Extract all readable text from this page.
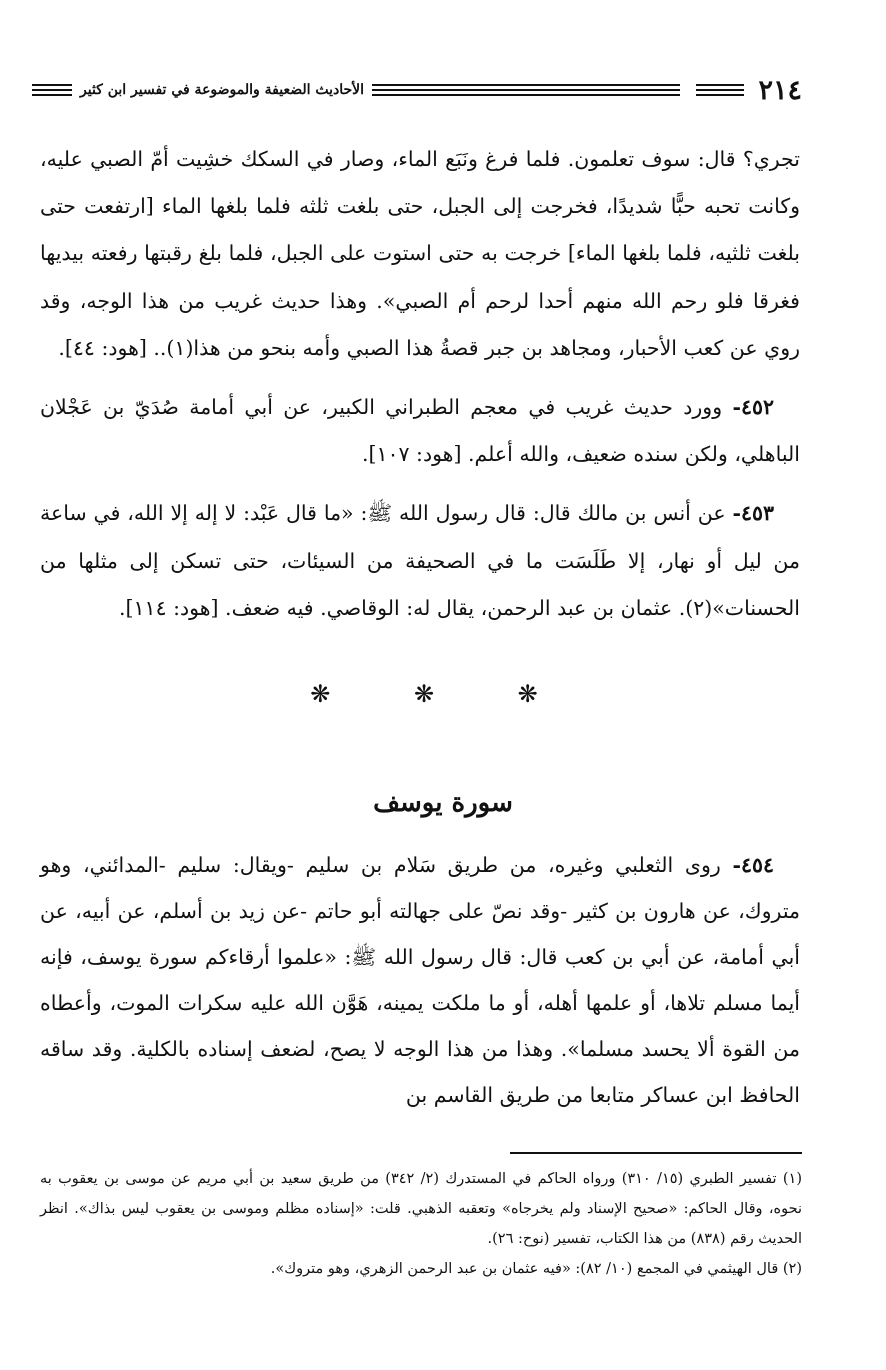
٢١٤
الأحاديث الضعيفة والموضوعة في تفسير ابن كثير

تجري؟ قال: سوف تعلمون. فلما فرغ ونَبَع الماء، وصار في السكك خشِيت أمّ الصبي عليه، وكانت تحبه حبًّا شديدًا، فخرجت إلى الجبل، حتى بلغت ثلثه فلما بلغها الماء [ارتفعت حتى بلغت ثلثيه، فلما بلغها الماء] خرجت به حتى استوت على الجبل، فلما بلغ رقبتها رفعته بيديها فغرقا فلو رحم الله منهم أحدا لرحم أم الصبي». وهذا حديث غريب من هذا الوجه، وقد روي عن كعب الأحبار، ومجاهد بن جبر قصةُ هذا الصبي وأمه بنحو من هذا(١).. [هود: ٤٤].

٤٥٢- وورد حديث غريب في معجم الطبراني الكبير، عن أبي أمامة صُدَيّ بن عَجْلان الباهلي، ولكن سنده ضعيف، والله أعلم. [هود: ١٠٧].

٤٥٣- عن أنس بن مالك قال: قال رسول الله ﷺ: «ما قال عَبْد: لا إله إلا الله، في ساعة من ليل أو نهار، إلا طَلَسَت ما في الصحيفة من السيئات، حتى تسكن إلى مثلها من الحسنات»(٢). عثمان بن عبد الرحمن، يقال له: الوقاصي. فيه ضعف. [هود: ١١٤].

❋ ❋ ❋
سورة يوسف

٤٥٤- روى الثعلبي وغيره، من طريق سَلام بن سليم -ويقال: سليم -المدائني، وهو متروك، عن هارون بن كثير -وقد نصّ على جهالته أبو حاتم -عن زيد بن أسلم، عن أبيه، عن أبي أمامة، عن أبي بن كعب قال: قال رسول الله ﷺ: «علموا أرقاءكم سورة يوسف، فإنه أيما مسلم تلاها، أو علمها أهله، أو ما ملكت يمينه، هَوَّن الله عليه سكرات الموت، وأعطاه من القوة ألا يحسد مسلما». وهذا من هذا الوجه لا يصح، لضعف إسناده بالكلية. وقد ساقه الحافظ ابن عساكر متابعا من طريق القاسم بن

(١) تفسير الطبري (١٥/ ٣١٠) ورواه الحاكم في المستدرك (٢/ ٣٤٢) من طريق سعيد بن أبي مريم عن موسى بن يعقوب به نحوه، وقال الحاكم: «صحيح الإسناد ولم يخرجاه» وتعقبه الذهبي. قلت: «إسناده مظلم وموسى بن يعقوب ليس بذاك». انظر الحديث رقم (٨٣٨) من هذا الكتاب، تفسير (نوح: ٢٦).

(٢) قال الهيثمي في المجمع (١٠/ ٨٢): «فيه عثمان بن عبد الرحمن الزهري، وهو متروك».
